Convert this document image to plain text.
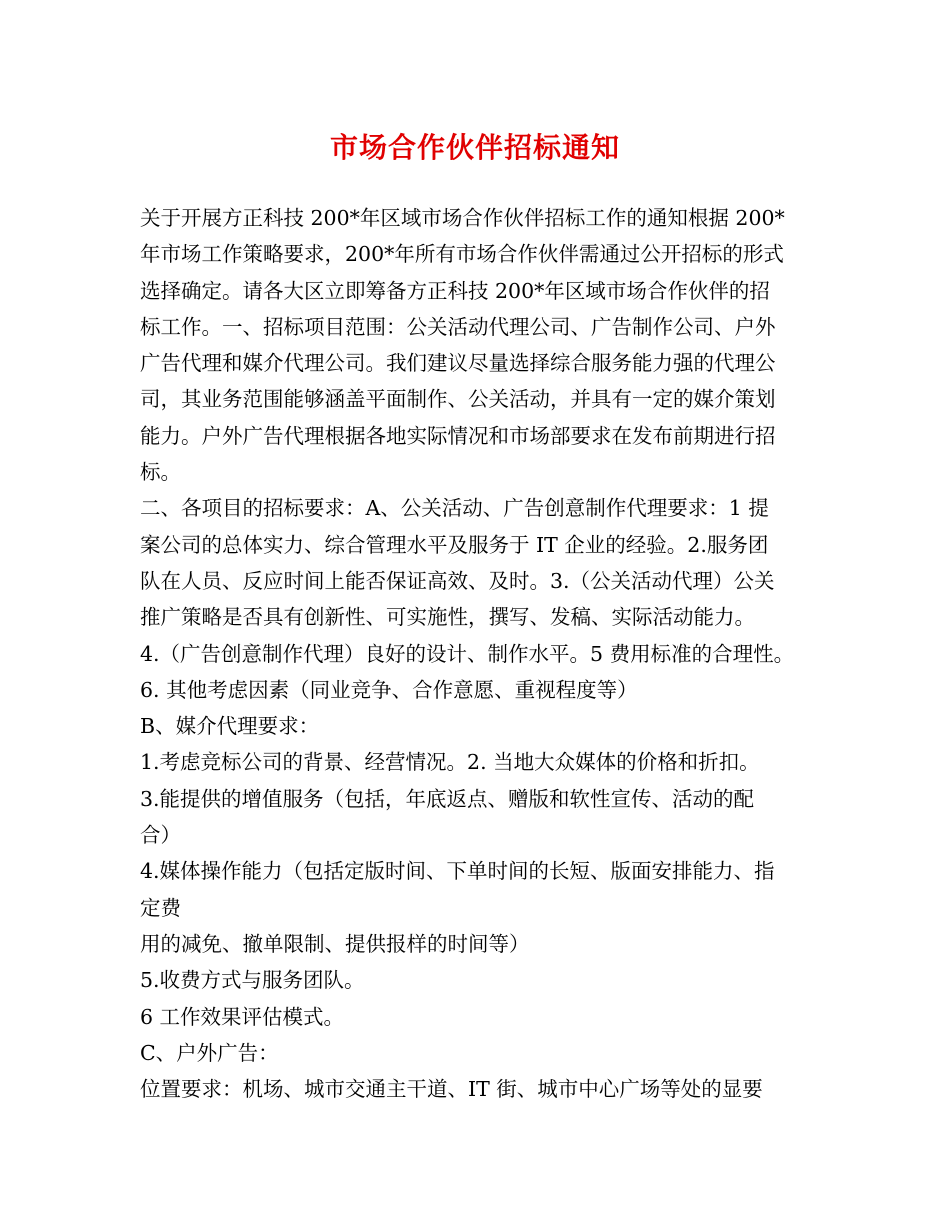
市场合作伙伴招标通知
关于开展方正科技 200*年区域市场合作伙伴招标工作的通知根据 200*
年市场工作策略要求，200*年所有市场合作伙伴需通过公开招标的形式
选择确定。请各大区立即筹备方正科技 200*年区域市场合作伙伴的招
标工作。一、招标项目范围：公关活动代理公司、广告制作公司、户外
广告代理和媒介代理公司。我们建议尽量选择综合服务能力强的代理公
司，其业务范围能够涵盖平面制作、公关活动，并具有一定的媒介策划
能力。户外广告代理根据各地实际情况和市场部要求在发布前期进行招
标。
二、各项目的招标要求：A、公关活动、广告创意制作代理要求：1 提
案公司的总体实力、综合管理水平及服务于 IT 企业的经验。2.服务团
队在人员、反应时间上能否保证高效、及时。3.（公关活动代理）公关
推广策略是否具有创新性、可实施性，撰写、发稿、实际活动能力。
4.（广告创意制作代理）良好的设计、制作水平。5 费用标准的合理性。
6. 其他考虑因素（同业竞争、合作意愿、重视程度等）
B、媒介代理要求：
1.考虑竞标公司的背景、经营情况。2. 当地大众媒体的价格和折扣。
3.能提供的增值服务（包括，年底返点、赠版和软性宣传、活动的配
合）
4.媒体操作能力（包括定版时间、下单时间的长短、版面安排能力、指
定费
用的减免、撤单限制、提供报样的时间等）
5.收费方式与服务团队。
6 工作效果评估模式。
C、户外广告：
位置要求：机场、城市交通主干道、IT 街、城市中心广场等处的显要
